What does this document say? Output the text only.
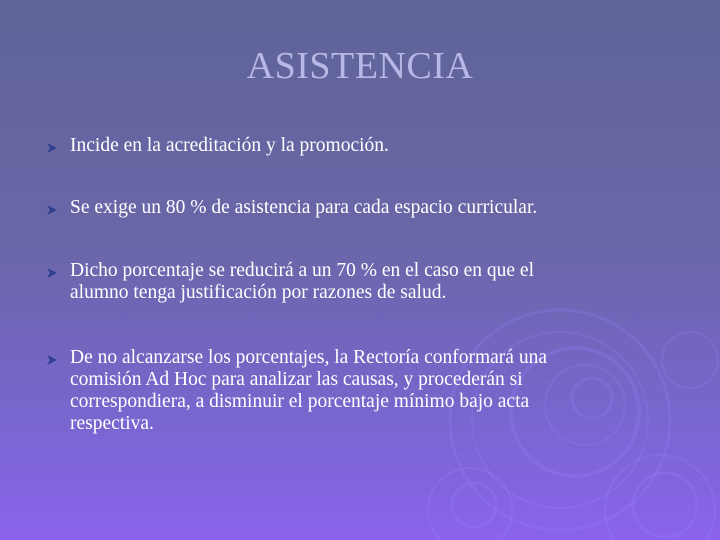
ASISTENCIA
Incide en la acreditación y la promoción.
Se exige un 80 % de asistencia para cada espacio curricular.
Dicho porcentaje se reducirá a un 70 % en el caso en que el
alumno tenga justificación por razones de salud.
De no alcanzarse los porcentajes, la Rectoría conformará una
comisión Ad Hoc para analizar las causas, y procederán si
correspondiera, a disminuir el porcentaje mínimo bajo acta
respectiva.
